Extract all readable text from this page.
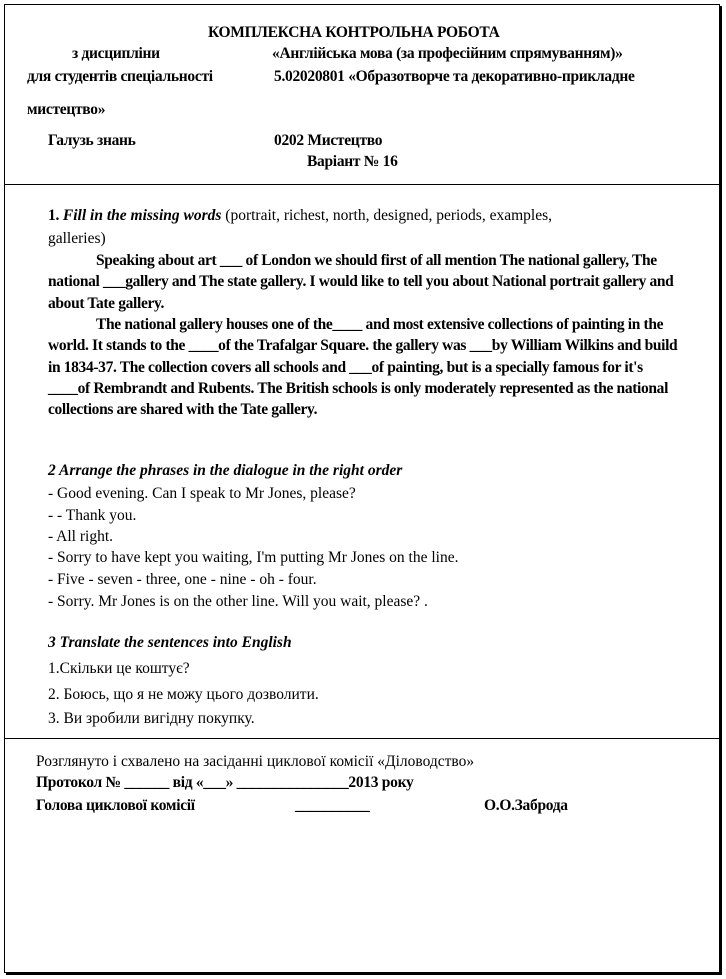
КОМПЛЕКСНА КОНТРОЛЬНА РОБОТА
з дисципліни	«Англійська мова (за професійним спрямуванням)»
для студентів спеціальності	5.02020801 «Образотворче та декоративно-прикладне
мистецтво»
Галузь знань	0202 Мистецтво
Варіант № 16
1. Fill in the missing words (portrait, richest, north, designed, periods, examples,
galleries)
Speaking about art ___ of London we should first of all mention The national gallery, The national ___gallery and The state gallery. I would like to tell you about National portrait gallery and about Tate gallery.
The national gallery houses one of the____ and most extensive collections of painting in the world. It stands to the ____of the Trafalgar Square. the gallery was ___by William Wilkins and build in 1834-37. The collection covers all schools and ___of painting, but is a specially famous for it's ____of Rembrandt and Rubents. The British schools is only moderately represented as the national collections are shared with the Tate gallery.
2 Arrange the phrases in the dialogue in the right order
- Good evening. Can I speak to Mr Jones, please?
- - Thank you.
- All right.
- Sorry to have kept you waiting, I'm putting Mr Jones on the line.
- Five - seven - three, one - nine - oh - four.
- Sorry. Mr Jones is on the other line. Will you wait, please? .
3 Translate the sentences into English
1.Скільки це коштує?
2. Боюсь, що я не можу цього дозволити.
3. Ви зробили вигідну покупку.
Розглянуто і схвалено на засіданні циклової комісії «Діловодство»
Протокол № ______ від «___» _______________2013 року
Голова циклової комісії	__________	О.О.Заброда
